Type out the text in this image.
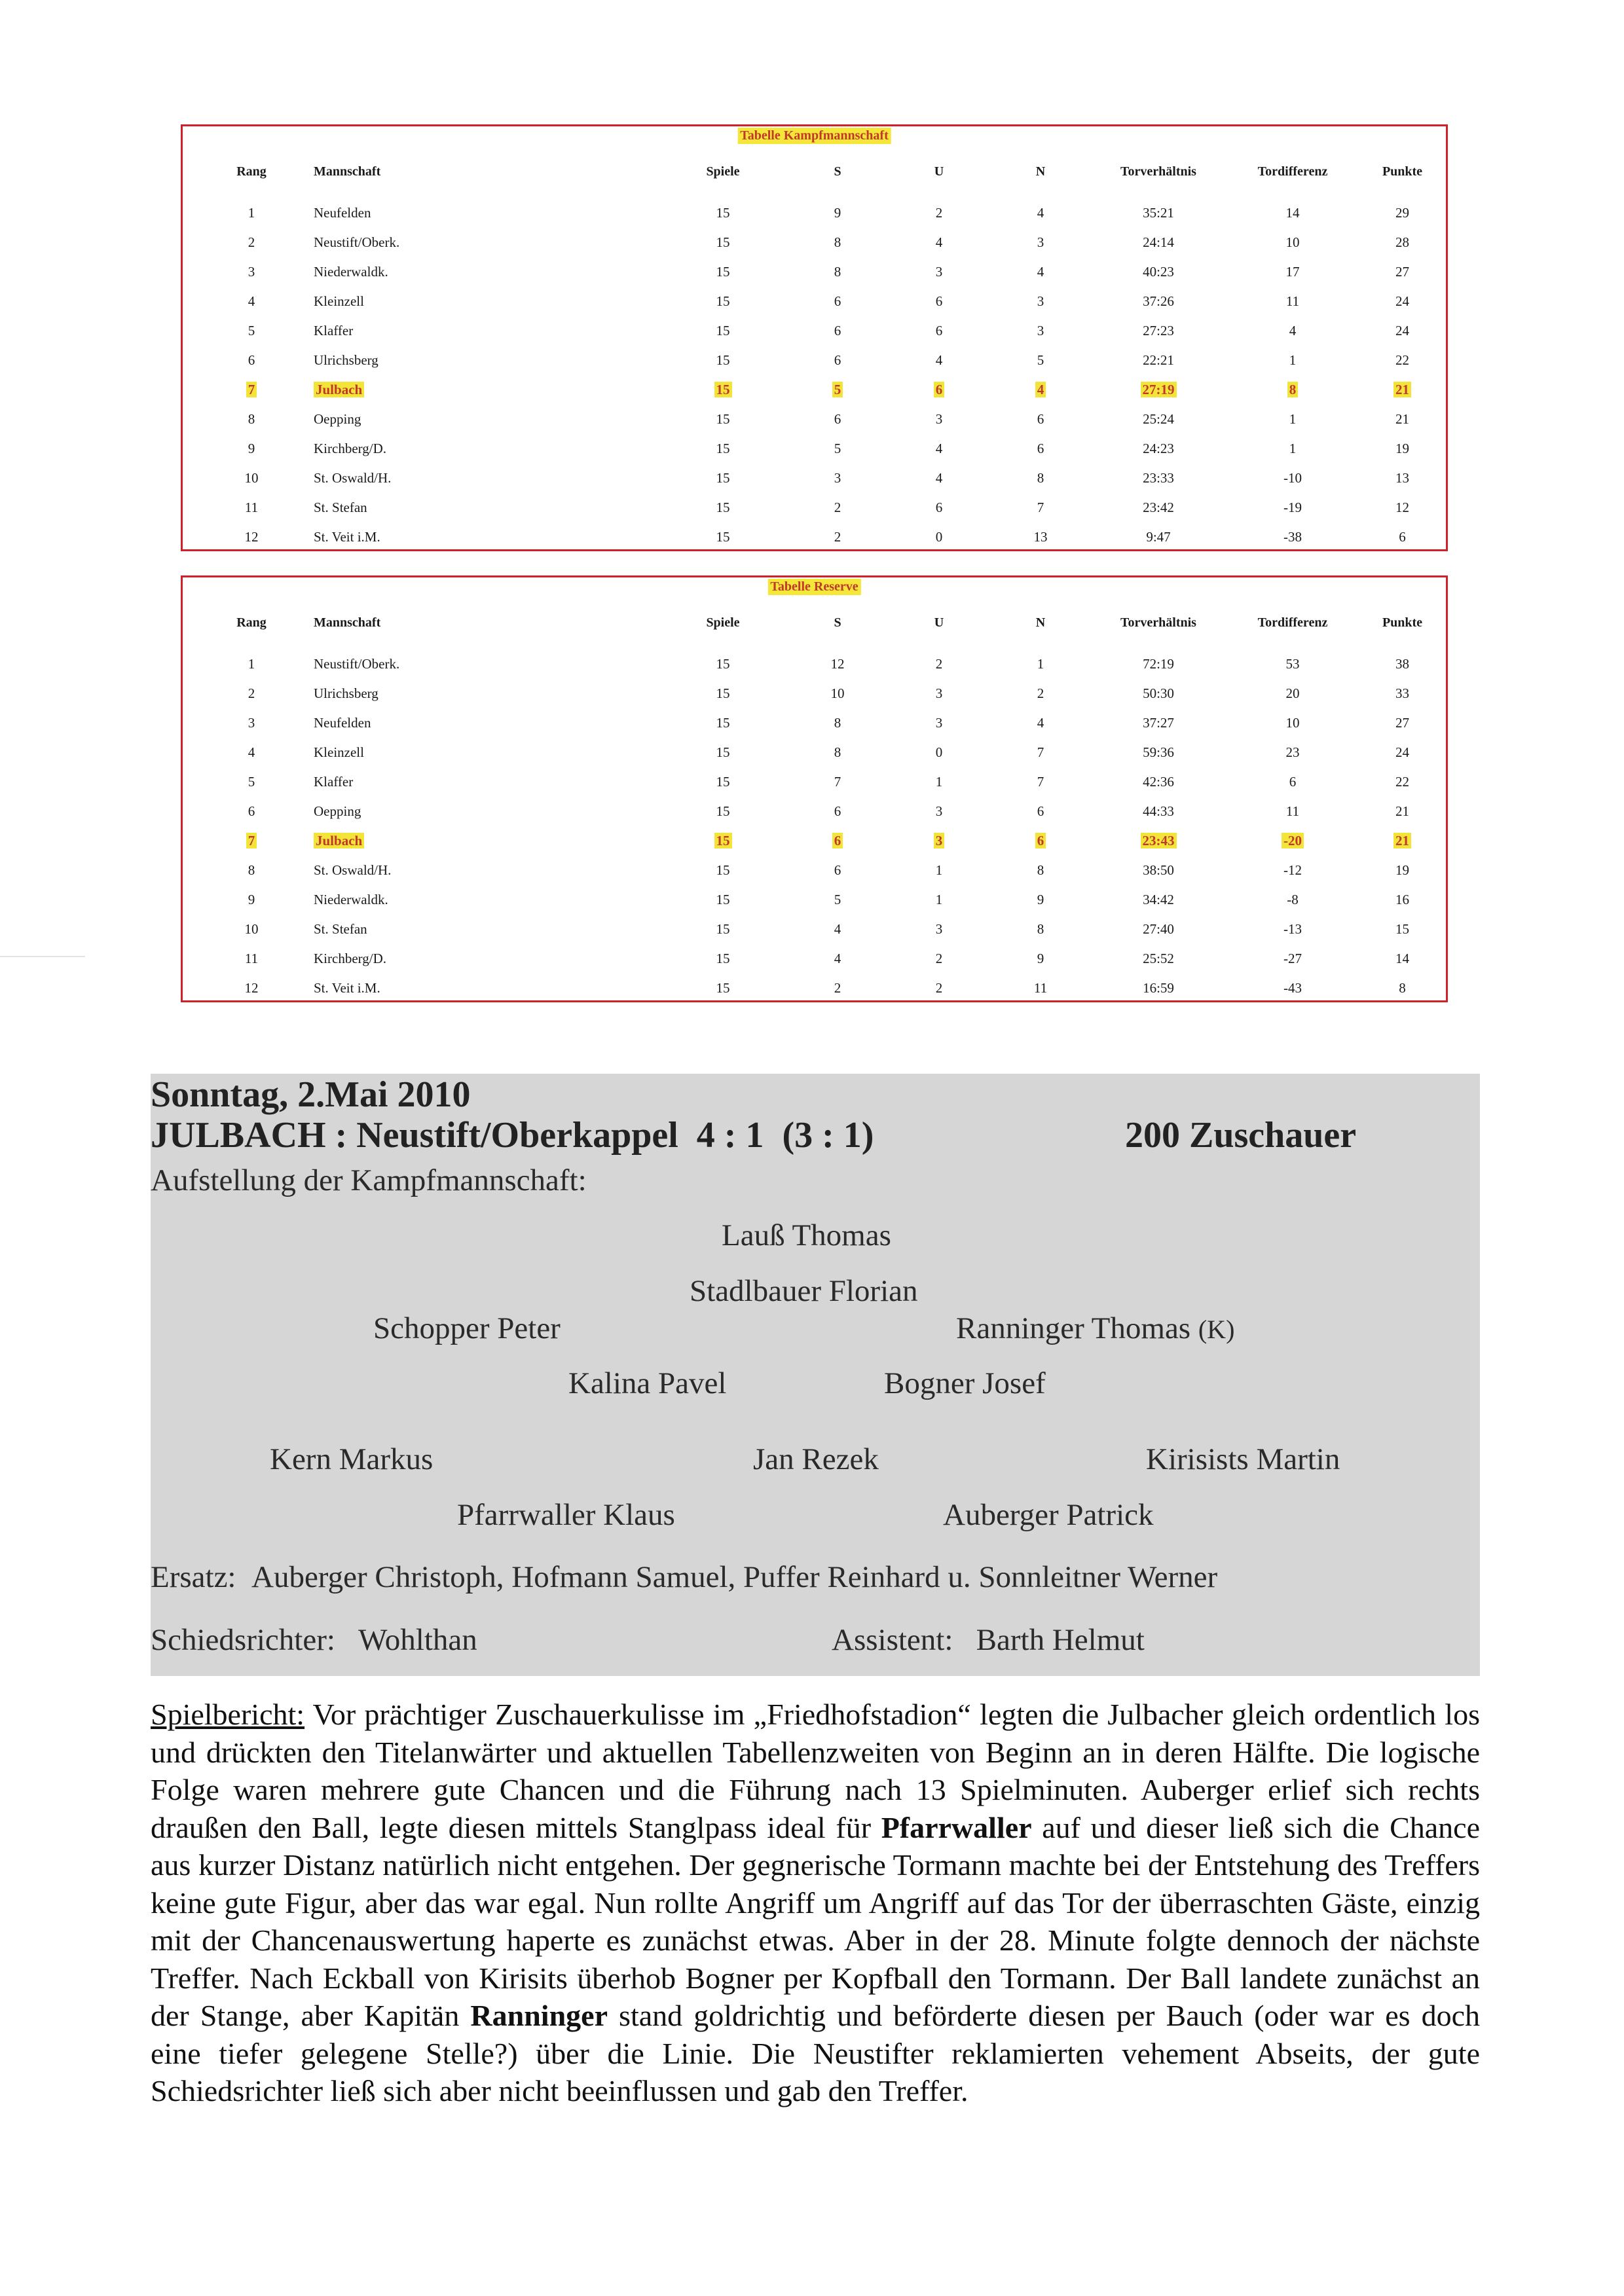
Tabelle Kampfmannschaft
Rang	Mannschaft	Spiele	S	U	N	Torverhältnis	Tordifferenz	Punkte
1	Neufelden	15	9	2	4	35:21	14	29
2	Neustift/Oberk.	15	8	4	3	24:14	10	28
3	Niederwaldk.	15	8	3	4	40:23	17	27
4	Kleinzell	15	6	6	3	37:26	11	24
5	Klaffer	15	6	6	3	27:23	4	24
6	Ulrichsberg	15	6	4	5	22:21	1	22
7	Julbach	15	5	6	4	27:19	8	21
8	Oepping	15	6	3	6	25:24	1	21
9	Kirchberg/D.	15	5	4	6	24:23	1	19
10	St. Oswald/H.	15	3	4	8	23:33	-10	13
11	St. Stefan	15	2	6	7	23:42	-19	12
12	St. Veit i.M.	15	2	0	13	9:47	-38	6
Tabelle Reserve
Rang	Mannschaft	Spiele	S	U	N	Torverhältnis	Tordifferenz	Punkte
1	Neustift/Oberk.	15	12	2	1	72:19	53	38
2	Ulrichsberg	15	10	3	2	50:30	20	33
3	Neufelden	15	8	3	4	37:27	10	27
4	Kleinzell	15	8	0	7	59:36	23	24
5	Klaffer	15	7	1	7	42:36	6	22
6	Oepping	15	6	3	6	44:33	11	21
7	Julbach	15	6	3	6	23:43	-20	21
8	St. Oswald/H.	15	6	1	8	38:50	-12	19
9	Niederwaldk.	15	5	1	9	34:42	-8	16
10	St. Stefan	15	4	3	8	27:40	-13	15
11	Kirchberg/D.	15	4	2	9	25:52	-27	14
12	St. Veit i.M.	15	2	2	11	16:59	-43	8
Sonntag, 2.Mai 2010
JULBACH : Neustift/Oberkappel  4 : 1  (3 : 1)	200 Zuschauer
Aufstellung der Kampfmannschaft:
Lauß Thomas
Stadlbauer Florian
Schopper Peter	Ranninger Thomas (K)
Kalina Pavel	Bogner Josef
Kern Markus	Jan Rezek	Kirisists Martin
Pfarrwaller Klaus	Auberger Patrick
Ersatz: Auberger Christoph, Hofmann Samuel, Puffer Reinhard u. Sonnleitner Werner
Schiedsrichter: Wohlthan	Assistent: Barth Helmut
Spielbericht: Vor prächtiger Zuschauerkulisse im „Friedhofstadion“ legten die Julbacher gleich ordentlich los und drückten den Titelanwärter und aktuellen Tabellenzweiten von Beginn an in deren Hälfte. Die logische Folge waren mehrere gute Chancen und die Führung nach 13 Spielminuten. Auberger erlief sich rechts draußen den Ball, legte diesen mittels Stanglpass ideal für Pfarrwaller auf und dieser ließ sich die Chance aus kurzer Distanz natürlich nicht entgehen. Der gegnerische Tormann machte bei der Entstehung des Treffers keine gute Figur, aber das war egal. Nun rollte Angriff um Angriff auf das Tor der überraschten Gäste, einzig mit der Chancenauswertung haperte es zunächst etwas. Aber in der 28. Minute folgte dennoch der nächste Treffer. Nach Eckball von Kirisits überhob Bogner per Kopfball den Tormann. Der Ball landete zunächst an der Stange, aber Kapitän Ranninger stand goldrichtig und beförderte diesen per Bauch (oder war es doch eine tiefer gelegene Stelle?) über die Linie. Die Neustifter reklamierten vehement Abseits, der gute Schiedsrichter ließ sich aber nicht beeinflussen und gab den Treffer.
